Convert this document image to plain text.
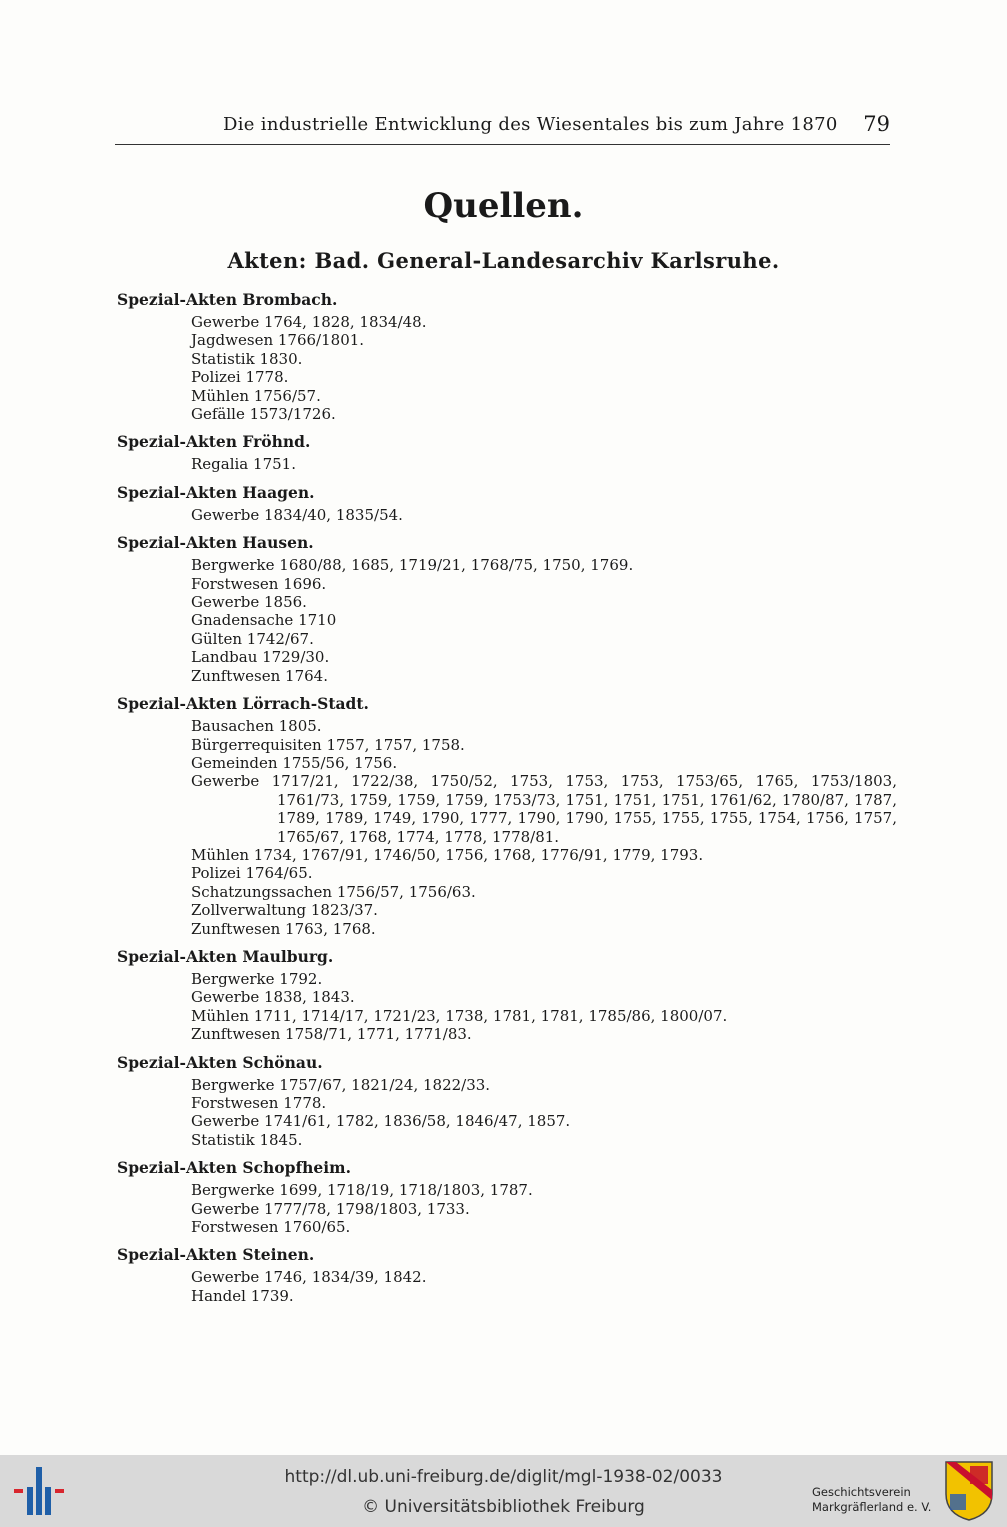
Die industrielle Entwicklung des Wiesentales bis zum Jahre 1870 79
Quellen.
Akten: Bad. General-Landesarchiv Karlsruhe.
Spezial-Akten Brombach.
Gewerbe 1764, 1828, 1834/48.
Jagdwesen 1766/1801.
Statistik 1830.
Polizei 1778.
Mühlen 1756/57.
Gefälle 1573/1726.
Spezial-Akten Fröhnd.
Regalia 1751.
Spezial-Akten Haagen.
Gewerbe 1834/40, 1835/54.
Spezial-Akten Hausen.
Bergwerke 1680/88, 1685, 1719/21, 1768/75, 1750, 1769.
Forstwesen 1696.
Gewerbe 1856.
Gnadensache 1710
Gülten 1742/67.
Landbau 1729/30.
Zunftwesen 1764.
Spezial-Akten Lörrach-Stadt.
Bausachen 1805.
Bürgerrequisiten 1757, 1757, 1758.
Gemeinden 1755/56, 1756.
Gewerbe 1717/21, 1722/38, 1750/52, 1753, 1753, 1753, 1753/65, 1765, 1753/1803, 1761/73, 1759, 1759, 1759, 1753/73, 1751, 1751, 1751, 1761/62, 1780/87, 1787, 1789, 1789, 1749, 1790, 1777, 1790, 1790, 1755, 1755, 1755, 1754, 1756, 1757, 1765/67, 1768, 1774, 1778, 1778/81.
Mühlen 1734, 1767/91, 1746/50, 1756, 1768, 1776/91, 1779, 1793.
Polizei 1764/65.
Schatzungssachen 1756/57, 1756/63.
Zollverwaltung 1823/37.
Zunftwesen 1763, 1768.
Spezial-Akten Maulburg.
Bergwerke 1792.
Gewerbe 1838, 1843.
Mühlen 1711, 1714/17, 1721/23, 1738, 1781, 1781, 1785/86, 1800/07.
Zunftwesen 1758/71, 1771, 1771/83.
Spezial-Akten Schönau.
Bergwerke 1757/67, 1821/24, 1822/33.
Forstwesen 1778.
Gewerbe 1741/61, 1782, 1836/58, 1846/47, 1857.
Statistik 1845.
Spezial-Akten Schopfheim.
Bergwerke 1699, 1718/19, 1718/1803, 1787.
Gewerbe 1777/78, 1798/1803, 1733.
Forstwesen 1760/65.
Spezial-Akten Steinen.
Gewerbe 1746, 1834/39, 1842.
Handel 1739.
http://dl.ub.uni-freiburg.de/diglit/mgl-1938-02/0033
© Universitätsbibliothek Freiburg
Geschichtsverein
Markgräflerland e. V.
